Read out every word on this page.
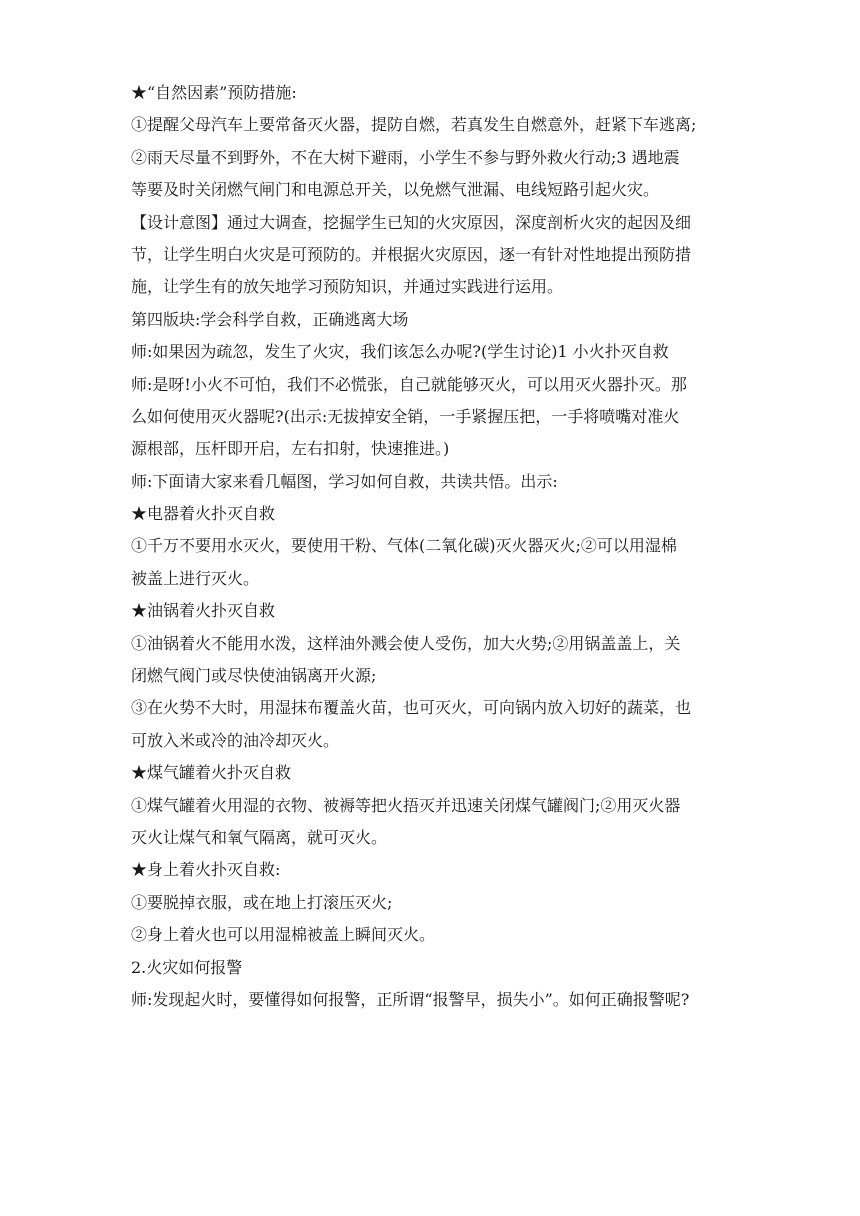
★“自然因素”预防措施:
①提醒父母汽车上要常备灭火器，提防自燃，若真发生自燃意外，赶紧下车逃离;
②雨天尽量不到野外，不在大树下避雨，小学生不参与野外救火行动;3 遇地震
等要及时关闭燃气闸门和电源总开关，以免燃气泄漏、电线短路引起火灾。
【设计意图】通过大调查，挖掘学生已知的火灾原因，深度剖析火灾的起因及细
节，让学生明白火灾是可预防的。并根据火灾原因，逐一有针对性地提出预防措
施，让学生有的放矢地学习预防知识，并通过实践进行运用。
第四版块:学会科学自救，正确逃离大场
师:如果因为疏忽，发生了火灾，我们该怎么办呢?(学生讨论)1 小火扑灭自救
师:是呀!小火不可怕，我们不必慌张，自己就能够灭火，可以用灭火器扑灭。那
么如何使用灭火器呢?(出示:无拔掉安全销，一手紧握压把，一手将喷嘴对准火
源根部，压杆即开启，左右扣射，快速推进。)
师:下面请大家来看几幅图，学习如何自救，共读共悟。出示:
★电器着火扑灭自救
①千万不要用水灭火，要使用干粉、气体(二氧化碳)灭火器灭火;②可以用湿棉
被盖上进行灭火。
★油锅着火扑灭自救
①油锅着火不能用水泼，这样油外溅会使人受伤，加大火势;②用锅盖盖上，关
闭燃气阀门或尽快使油锅离开火源;
③在火势不大时，用湿抹布覆盖火苗，也可灭火，可向锅内放入切好的蔬菜，也
可放入米或冷的油冷却灭火。
★煤气罐着火扑灭自救
①煤气罐着火用湿的衣物、被褥等把火捂灭并迅速关闭煤气罐阀门;②用灭火器
灭火让煤气和氧气隔离，就可灭火。
★身上着火扑灭自救:
①要脱掉衣服，或在地上打滚压灭火;
②身上着火也可以用湿棉被盖上瞬间灭火。
2.火灾如何报警
师:发现起火时，要懂得如何报警，正所谓“报警早，损失小”。如何正确报警呢?
